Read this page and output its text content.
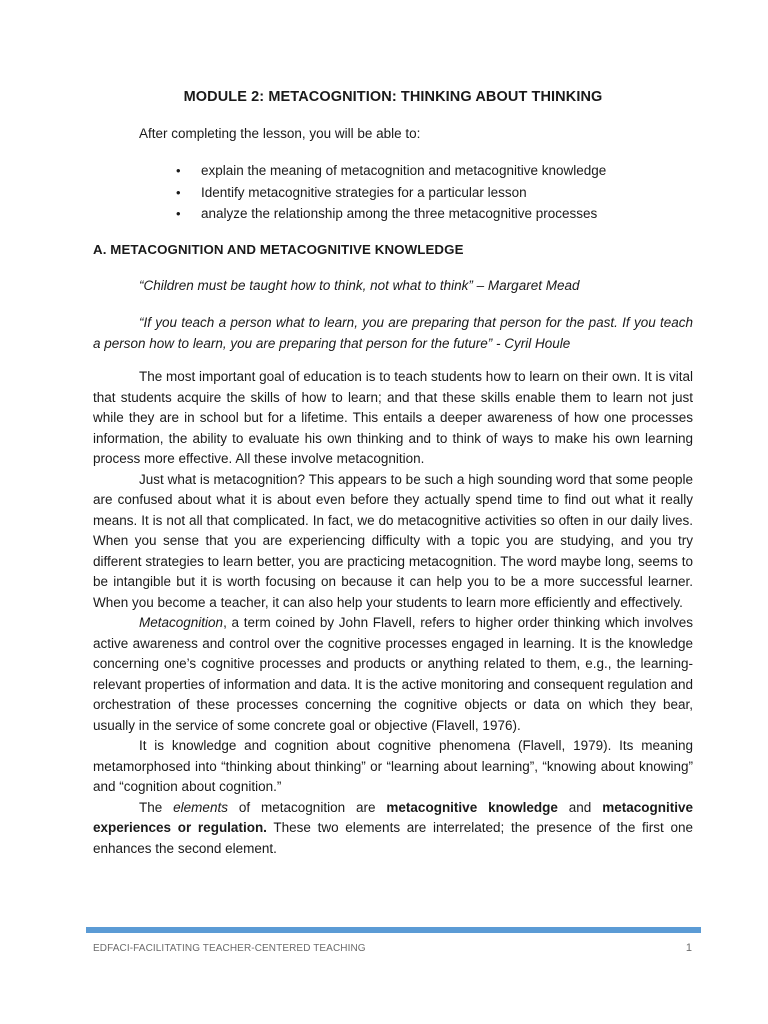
MODULE 2: METACOGNITION: THINKING ABOUT THINKING
After completing the lesson, you will be able to:
• explain the meaning of metacognition and metacognitive knowledge
• Identify metacognitive strategies for a particular lesson
• analyze the relationship among the three metacognitive processes
A. METACOGNITION AND METACOGNITIVE KNOWLEDGE
“Children must be taught how to think, not what to think” – Margaret Mead
“If you teach a person what to learn, you are preparing that person for the past. If you teach a person how to learn, you are preparing that person for the future” - Cyril Houle

The most important goal of education is to teach students how to learn on their own. It is vital that students acquire the skills of how to learn; and that these skills enable them to learn not just while they are in school but for a lifetime. This entails a deeper awareness of how one processes information, the ability to evaluate his own thinking and to think of ways to make his own learning process more effective. All these involve metacognition.

Just what is metacognition? This appears to be such a high sounding word that some people are confused about what it is about even before they actually spend time to find out what it really means. It is not all that complicated. In fact, we do metacognitive activities so often in our daily lives. When you sense that you are experiencing difficulty with a topic you are studying, and you try different strategies to learn better, you are practicing metacognition. The word maybe long, seems to be intangible but it is worth focusing on because it can help you to be a more successful learner. When you become a teacher, it can also help your students to learn more efficiently and effectively.

Metacognition, a term coined by John Flavell, refers to higher order thinking which involves active awareness and control over the cognitive processes engaged in learning. It is the knowledge concerning one’s cognitive processes and products or anything related to them, e.g., the learning-relevant properties of information and data. It is the active monitoring and consequent regulation and orchestration of these processes concerning the cognitive objects or data on which they bear, usually in the service of some concrete goal or objective (Flavell, 1976).

It is knowledge and cognition about cognitive phenomena (Flavell, 1979). Its meaning metamorphosed into “thinking about thinking” or “learning about learning”, “knowing about knowing” and “cognition about cognition.”

The elements of metacognition are metacognitive knowledge and metacognitive experiences or regulation. These two elements are interrelated; the presence of the first one enhances the second element.

EDFACI-FACILITATING TEACHER-CENTERED TEACHING	1
